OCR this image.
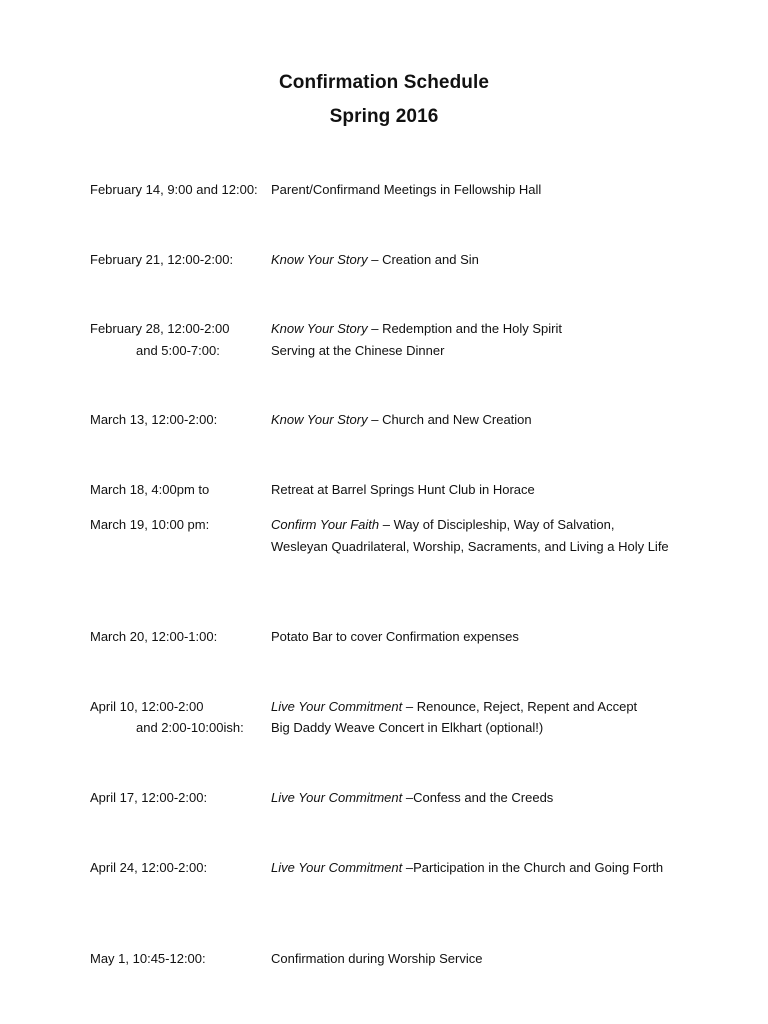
Confirmation Schedule
Spring 2016
February 14, 9:00 and 12:00: Parent/Confirmand Meetings in Fellowship Hall
February 21, 12:00-2:00:	Know Your Story – Creation and Sin
February 28, 12:00-2:00	Know Your Story – Redemption and the Holy Spirit
and 5:00-7:00:	Serving at the Chinese Dinner
March 13, 12:00-2:00:	Know Your Story – Church and New Creation
March 18, 4:00pm to	Retreat at Barrel Springs Hunt Club in Horace
March 19, 10:00 pm:	Confirm Your Faith – Way of Discipleship, Way of Salvation, Wesleyan Quadrilateral, Worship, Sacraments, and Living a Holy Life
March 20, 12:00-1:00:	Potato Bar to cover Confirmation expenses
April 10, 12:00-2:00	Live Your Commitment – Renounce, Reject, Repent and Accept
and 2:00-10:00ish: Big Daddy Weave Concert in Elkhart (optional!)
April 17, 12:00-2:00:	Live Your Commitment –Confess and the Creeds
April 24, 12:00-2:00:	Live Your Commitment –Participation in the Church and Going Forth
May 1, 10:45-12:00:	Confirmation during Worship Service
